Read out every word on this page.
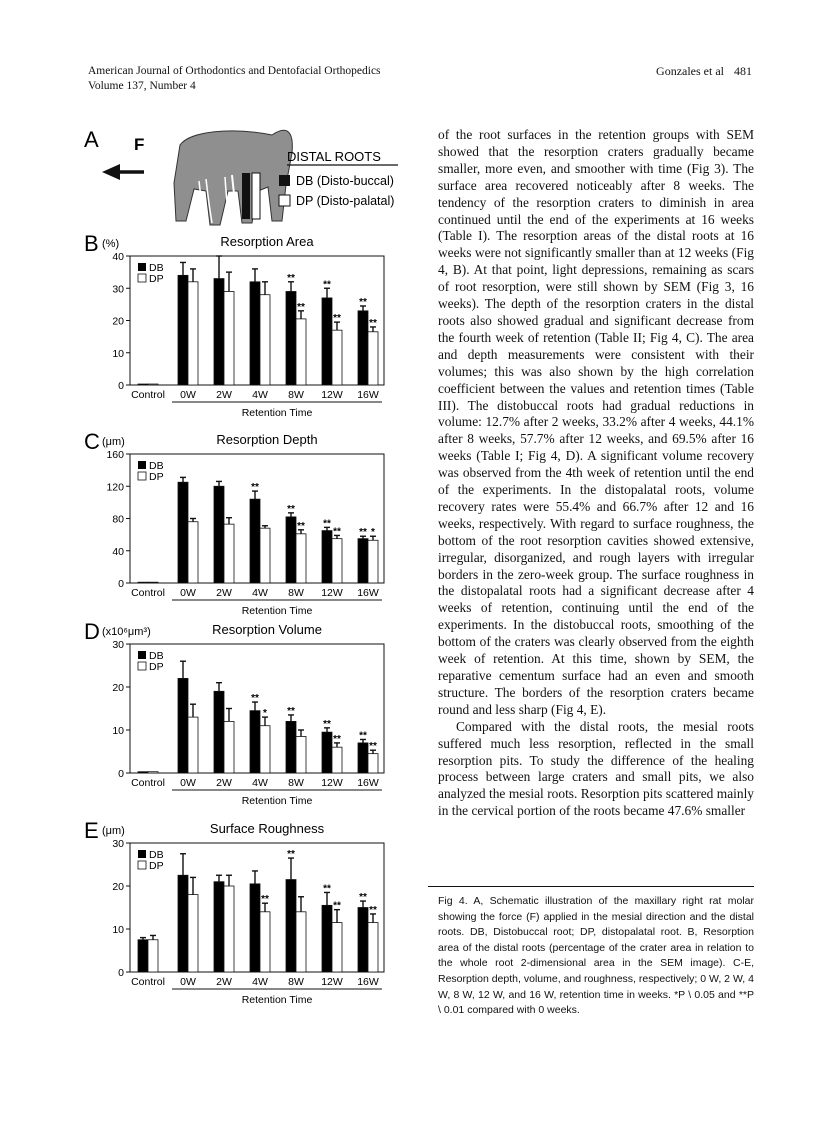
American Journal of Orthodontics and Dentofacial Orthopedics
Volume 137, Number 4
Gonzales et al 481
A F
DISTAL ROOTS
DB (Disto-buccal)
DP (Disto-palatal)
B (%)	Resorption Area
0
10
20
30
40
DB
DP
Control 0W 2W 4W 8W
**
**
12W
**
**
16W
**
**
Retention Time
C (μm)	Resorption Depth
0
40
80
120
160
DB
DP
Control 0W 2W 4W
**
8W
**
**
12W
**
**
16W
** *
Retention Time
D (x10⁶μm³)	Resorption Volume
0
10
20
30
DB
DP
Control 0W 2W 4W
**
*
8W
**
12W
**
**
16W
**
**
Retention Time
E (μm)	Surface Roughness
0
10
20
30
DB
DP
Control 0W 2W 4W
**
8W
**
12W
**
**
16W
**
**
Retention Time

of the root surfaces in the retention groups with SEM showed that the resorption craters gradually became smaller, more even, and smoother with time (Fig 3). The surface area recovered noticeably after 8 weeks. The tendency of the resorption craters to diminish in area continued until the end of the experiments at 16 weeks (Table I). The resorption areas of the distal roots at 16 weeks were not significantly smaller than at 12 weeks (Fig 4, B). At that point, light depressions, remaining as scars of root resorption, were still shown by SEM (Fig 3, 16 weeks). The depth of the resorption craters in the distal roots also showed gradual and significant decrease from the fourth week of retention (Table II; Fig 4, C). The area and depth measurements were consistent with their volumes; this was also shown by the high correlation coefficient between the values and retention times (Table III). The distobuccal roots had gradual reductions in volume: 12.7% after 2 weeks, 33.2% after 4 weeks, 44.1% after 8 weeks, 57.7% after 12 weeks, and 69.5% after 16 weeks (Table I; Fig 4, D). A significant volume recovery was observed from the 4th week of retention until the end of the experiments. In the distopalatal roots, volume recovery rates were 55.4% and 66.7% after 12 and 16 weeks, respectively. With regard to surface roughness, the bottom of the root resorption cavities showed extensive, irregular, disorganized, and rough layers with irregular borders in the zero-week group. The surface roughness in the distopalatal roots had a significant decrease after 4 weeks of retention, continuing until the end of the experiments. In the distobuccal roots, smoothing of the bottom of the craters was clearly observed from the eighth week of retention. At this time, shown by SEM, the reparative cementum surface had an even and smooth structure. The borders of the resorption craters became round and less sharp (Fig 4, E).

Compared with the distal roots, the mesial roots suffered much less resorption, reflected in the small resorption pits. To study the difference of the healing process between large craters and small pits, we also analyzed the mesial roots. Resorption pits scattered mainly in the cervical portion of the roots became 47.6% smaller

Fig 4. A, Schematic illustration of the maxillary right rat molar showing the force (F) applied in the mesial direction and the distal roots. DB, Distobuccal root; DP, distopalatal root. B, Resorption area of the distal roots (percentage of the crater area in relation to the whole root 2-dimensional area in the SEM image). C-E, Resorption depth, volume, and roughness, respectively; 0 W, 2 W, 4 W, 8 W, 12 W, and 16 W, retention time in weeks. *P \ 0.05 and **P \ 0.01 compared with 0 weeks.
